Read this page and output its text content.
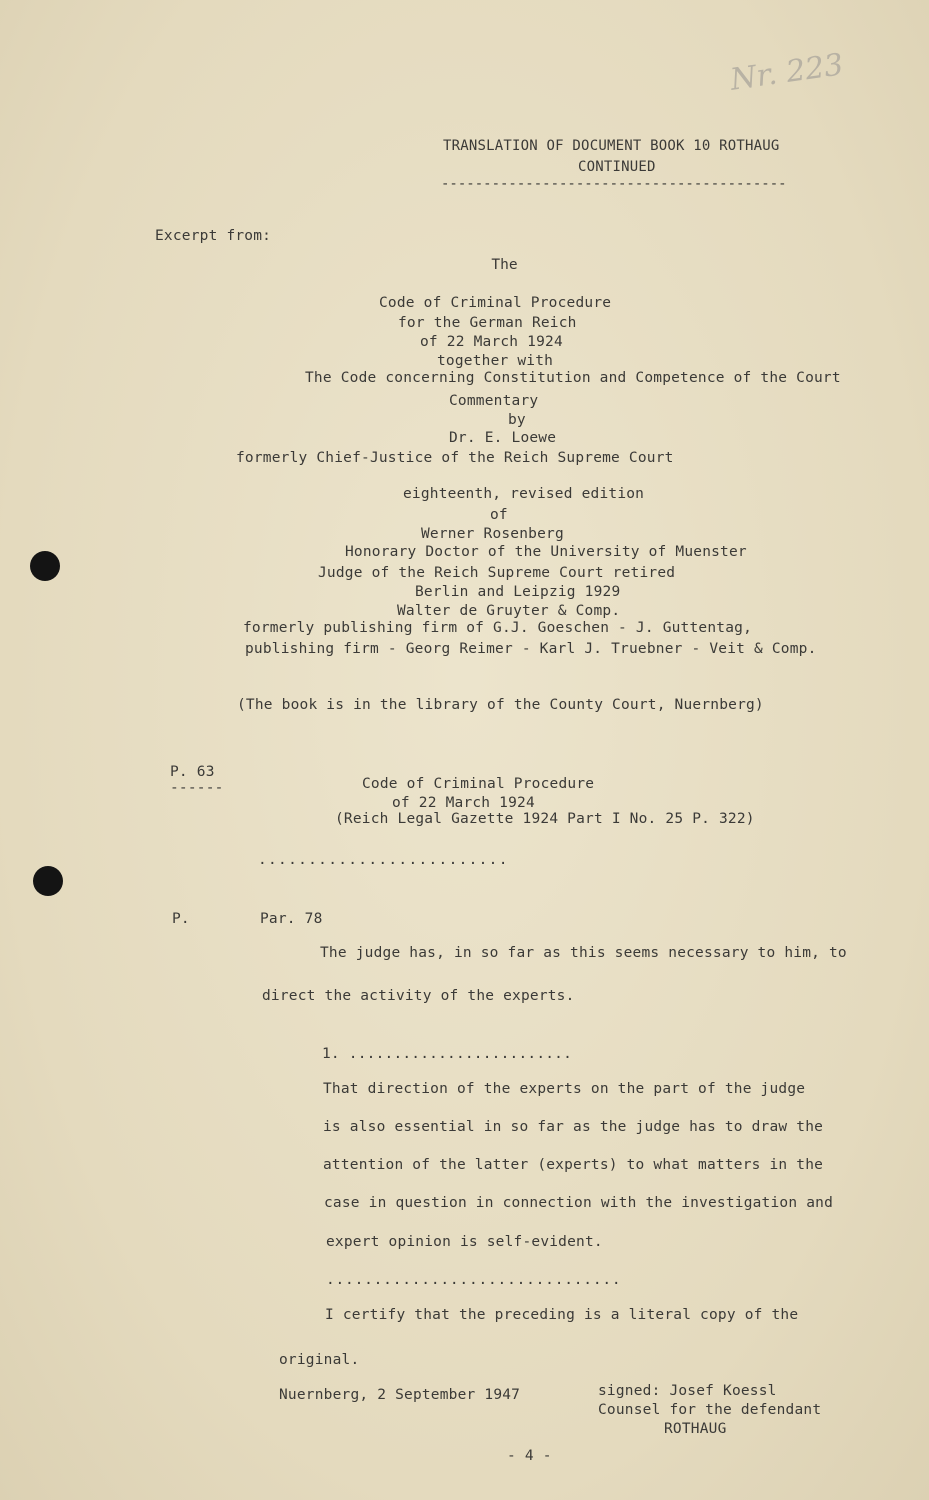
Nr. 223
TRANSLATION OF DOCUMENT BOOK 10 ROTHAUG
CONTINUED
-----------------------------------------
Excerpt from:
The
Code of Criminal Procedure
for the German Reich
of 22 March 1924
together with
The Code concerning Constitution and Competence of the Court
Commentary
by
Dr. E. Loewe
formerly Chief-Justice of the Reich Supreme Court
eighteenth, revised edition
of
Werner Rosenberg
Honorary Doctor of the University of Muenster
Judge of the Reich Supreme Court retired
Berlin and Leipzig 1929
Walter de Gruyter & Comp.
formerly publishing firm of G.J. Goeschen - J. Guttentag,
publishing firm - Georg Reimer - Karl J. Truebner - Veit & Comp.
(The book is in the library of the County Court, Nuernberg)
P. 63
------	Code of Criminal Procedure
of 22 March 1924
(Reich Legal Gazette 1924 Part I No. 25 P. 322)
.........................
P.	Par. 78
The judge has, in so far as this seems necessary to him, to
direct the activity of the experts.
1. .........................
That direction of the experts on the part of the judge
is also essential in so far as the judge has to draw the
attention of the latter (experts) to what matters in the
case in question in connection with the investigation and
expert opinion is self-evident.
...............................
I certify that the preceding is a literal copy of the
original.
Nuernberg, 2 September 1947	signed: Josef Koessl
Counsel for the defendant
ROTHAUG
- 4 -
